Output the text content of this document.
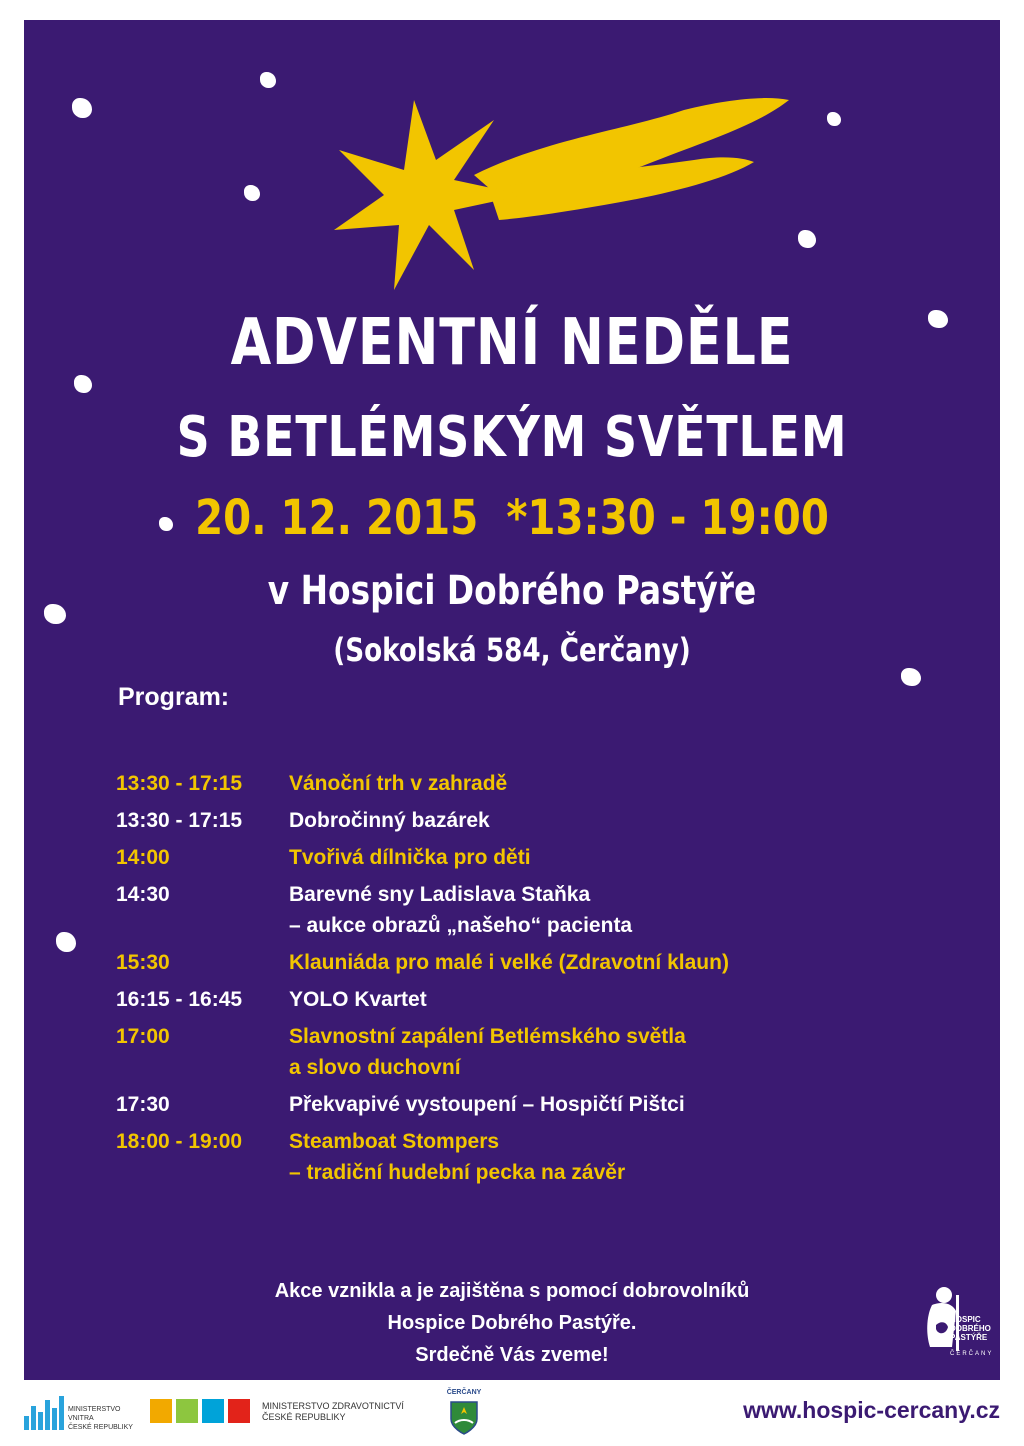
ADVENTNÍ NEDĚLE
S BETLÉMSKÝM SVĚTLEM
20. 12. 2015  *13:30 - 19:00
v Hospici Dobrého Pastýře
(Sokolská 584, Čerčany)
Program:
13:30 - 17:15	Vánoční trh v zahradě
13:30 - 17:15	Dobročinný bazárek
14:00	Tvořivá dílnička pro děti
14:30	Barevné sny Ladislava Staňka
– aukce obrazů „našeho“ pacienta
15:30	Klauniáda pro malé i velké (Zdravotní klaun)
16:15 - 16:45	YOLO Kvartet
17:00	Slavnostní zapálení Betlémského světla
a slovo duchovní
17:30	Překvapivé vystoupení – Hospičtí Pištci
18:00 - 19:00	Steamboat Stompers
– tradiční hudební pecka na závěr
Akce vznikla a je zajištěna s pomocí dobrovolníků
Hospice Dobrého Pastýře.
Srdečně Vás zveme!
HOSPIC
DOBRÉHO
PASTÝŘE
ČERČANY
MINISTERSTVO VNITRA
ČESKÉ REPUBLIKY
MINISTERSTVO ZDRAVOTNICTVÍ
ČESKÉ REPUBLIKY
ČERČANY
www.hospic-cercany.cz
